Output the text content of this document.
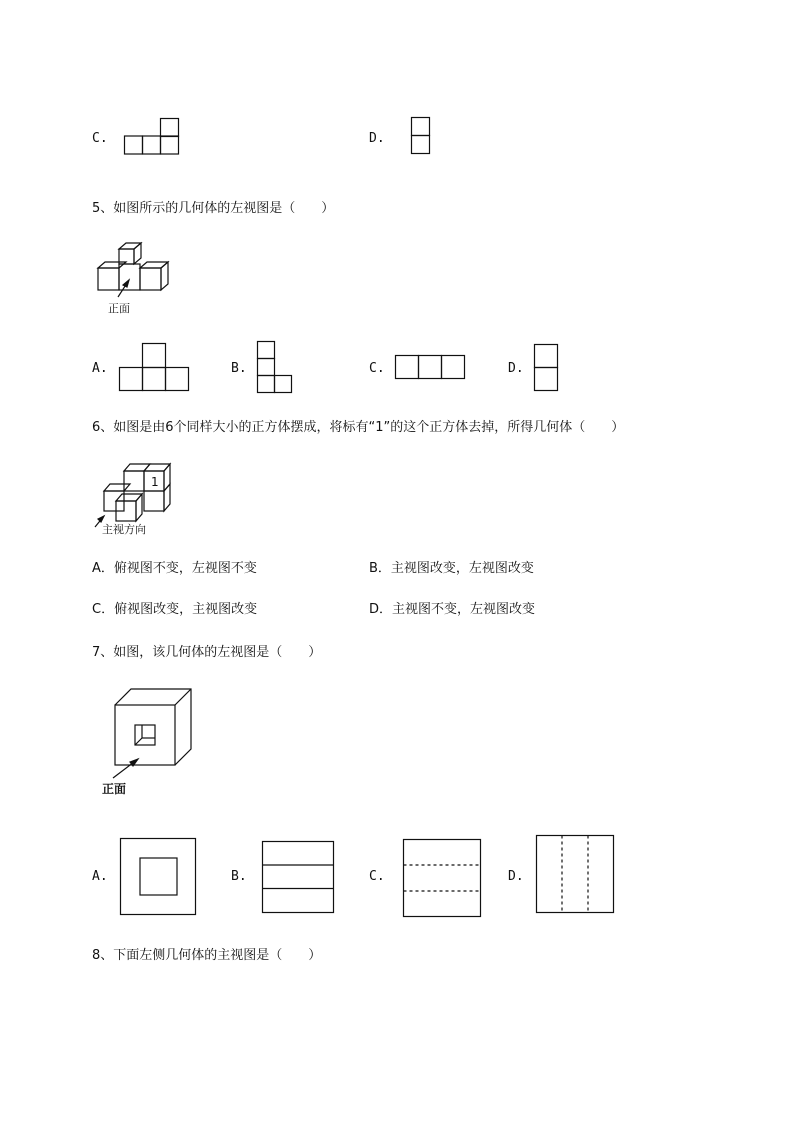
C.	D.
5、如图所示的几何体的左视图是（　　）
正面
A.	B.	C.	D.
6、如图是由6个同样大小的正方体摆成，将标有“1”的这个正方体去掉，所得几何体（　　）
1
主视方向
A．俯视图不变，左视图不变	B．主视图改变，左视图改变
C．俯视图改变，主视图改变	D．主视图不变，左视图改变
7、如图，该几何体的左视图是（　　）
正面
A.	B.	C.	D.
8、下面左侧几何体的主视图是（　　）
